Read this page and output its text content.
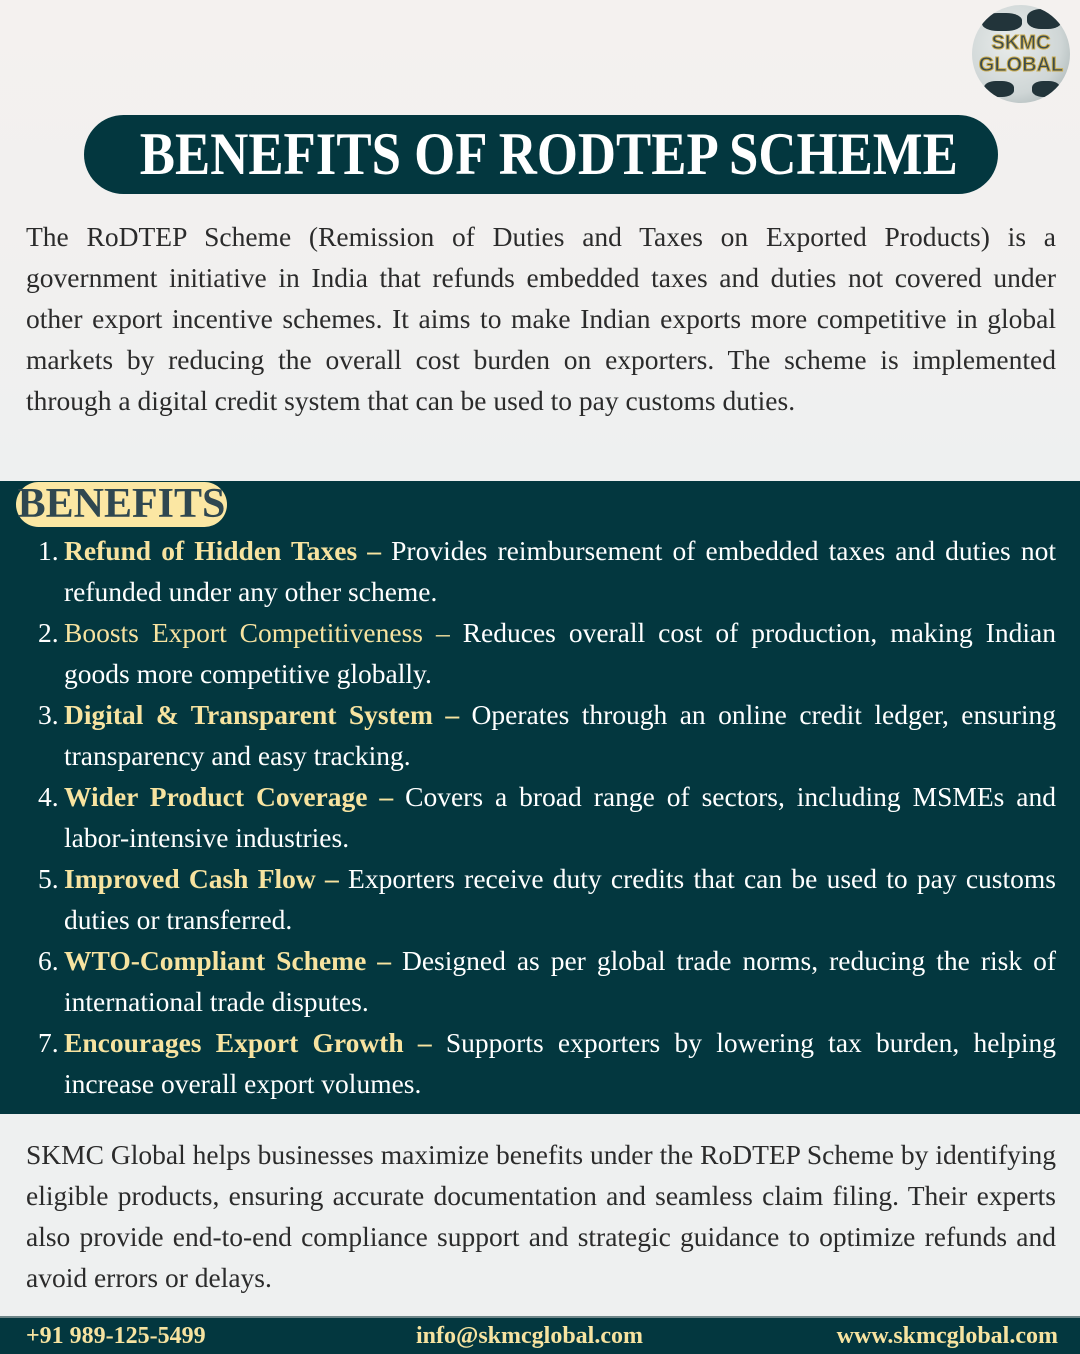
SKMC
GLOBAL
BENEFITS OF RODTEP SCHEME

The RoDTEP Scheme (Remission of Duties and Taxes on Exported Products) is a government initiative in India that refunds embedded taxes and duties not covered under other export incentive schemes. It aims to make Indian exports more competitive in global markets by reducing the overall cost burden on exporters. The scheme is implemented through a digital credit system that can be used to pay customs duties.

BENEFITS
1. Refund of Hidden Taxes – Provides reimbursement of embedded taxes and duties not refunded under any other scheme.
2. Boosts Export Competitiveness – Reduces overall cost of production, making Indian goods more competitive globally.
3. Digital & Transparent System – Operates through an online credit ledger, ensuring transparency and easy tracking.
4. Wider Product Coverage – Covers a broad range of sectors, including MSMEs and labor-intensive industries.
5. Improved Cash Flow – Exporters receive duty credits that can be used to pay customs duties or transferred.
6. WTO-Compliant Scheme – Designed as per global trade norms, reducing the risk of international trade disputes.
7. Encourages Export Growth – Supports exporters by lowering tax burden, helping increase overall export volumes.

SKMC Global helps businesses maximize benefits under the RoDTEP Scheme by identifying eligible products, ensuring accurate documentation and seamless claim filing. Their experts also provide end-to-end compliance support and strategic guidance to optimize refunds and avoid errors or delays.

+91 989-125-5499	info@skmcglobal.com	www.skmcglobal.com
